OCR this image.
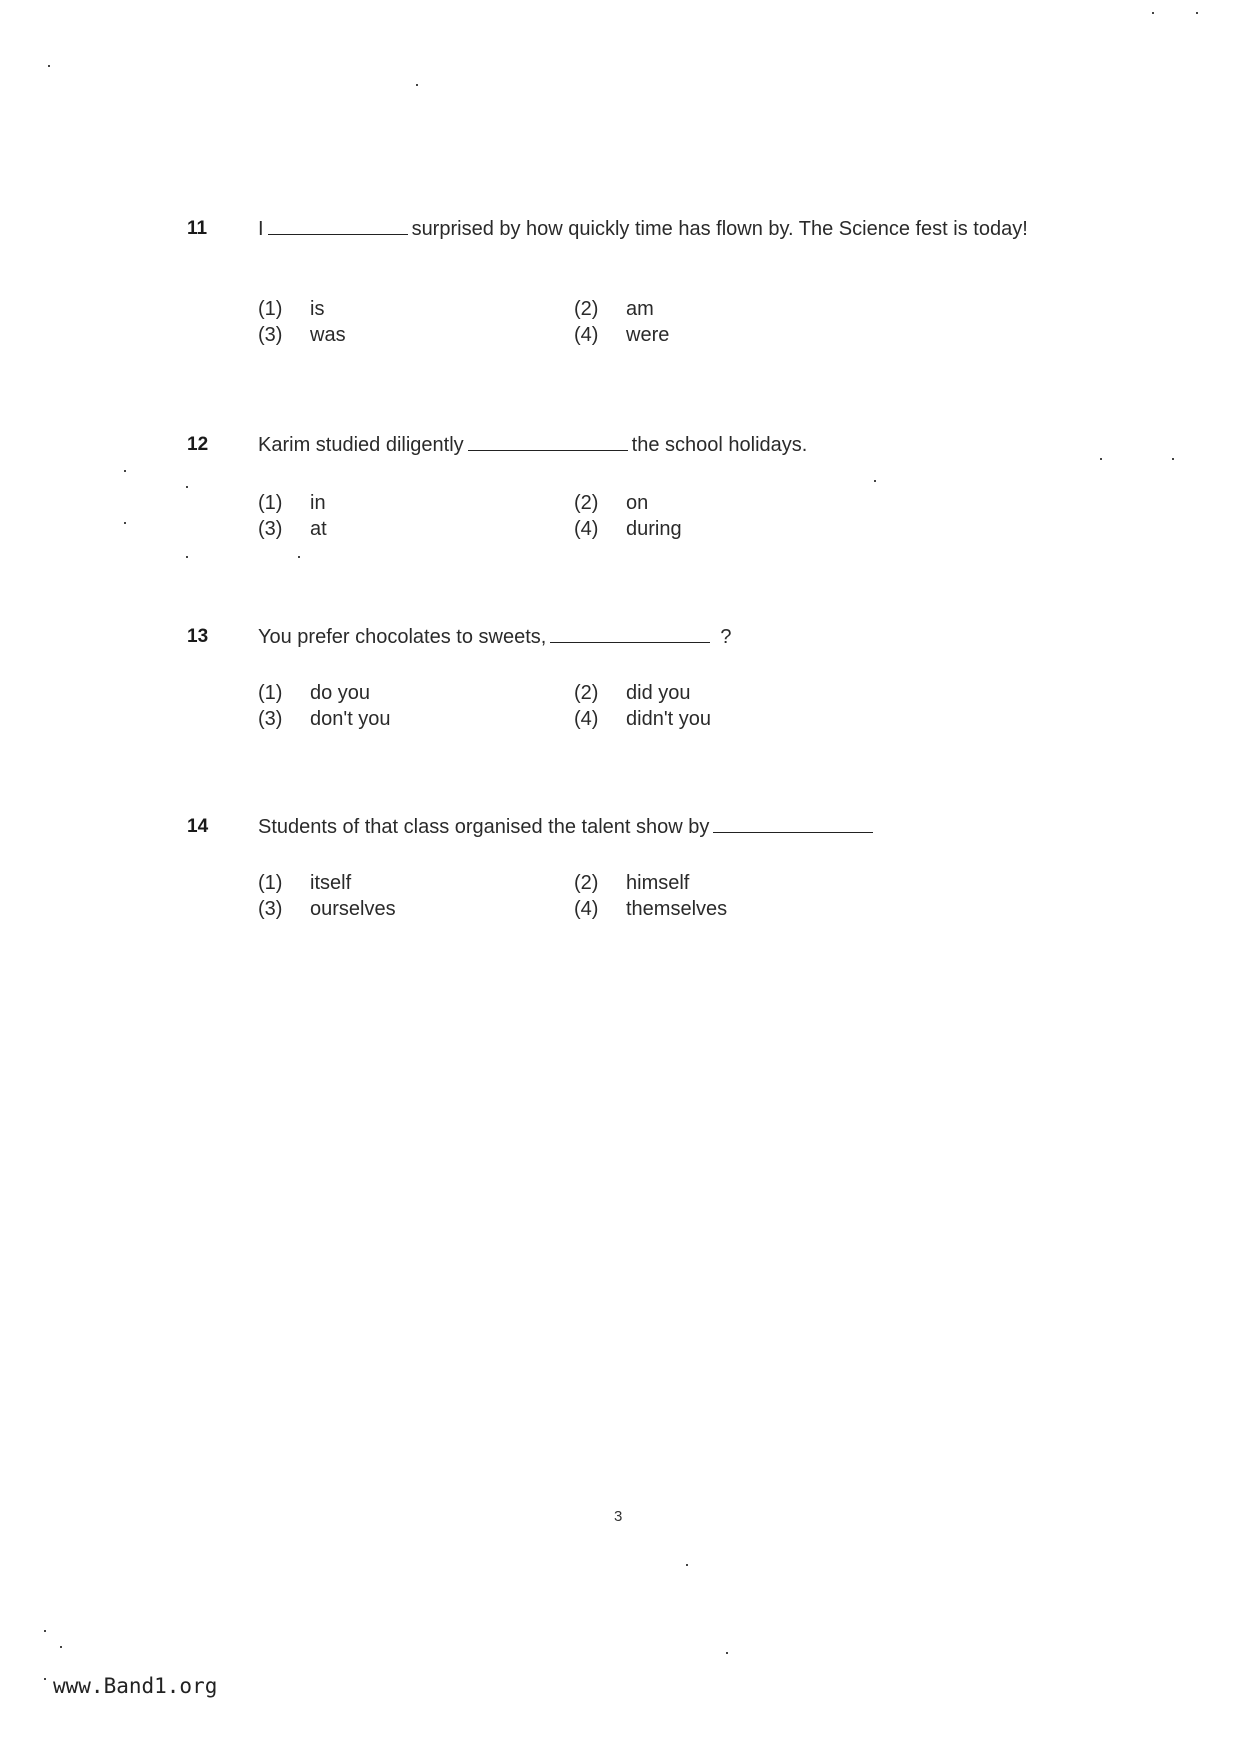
11	I	surprised by how quickly time has flown by. The Science fest is today!
(1) is	(2) am
(3) was	(4) were
12 Karim studied diligently	the school holidays.
(1) in	(2) on
(3) at	(4) during
13 You prefer chocolates to sweets,	?
(1) do you	(2) did you
(3) don't you	(4) didn't you
14 Students of that class organised the talent show by
(1) itself	(2) himself
(3) ourselves	(4) themselves
3
www.Band1.org
